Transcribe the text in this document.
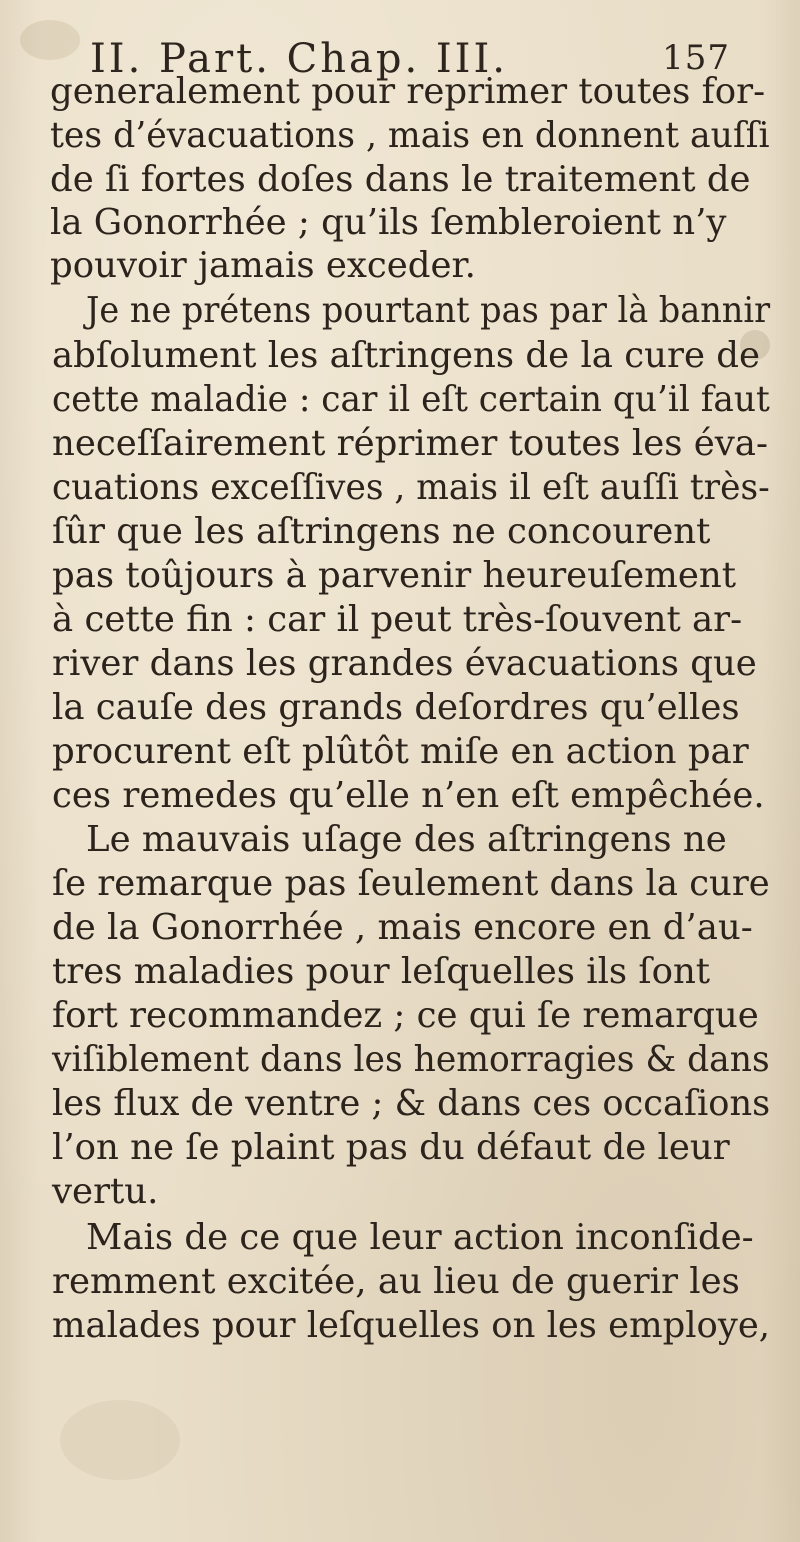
II. Part. Chap. III.	157
generalement pour reprimer toutes for-
tes d’évacuations , mais en donnent auſſi
de ſi fortes doſes dans le traitement de
la Gonorrhée ; qu’ils ſembleroient n’y
pouvoir jamais exceder.
Je ne prétens pourtant pas par là bannir
abſolument les aſtringens de la cure de
cette maladie : car il eſt certain qu’il faut
neceſſairement réprimer toutes les éva-
cuations exceſſives , mais il eſt auſſi très-
ſûr que les aſtringens ne concourent
pas toûjours à parvenir heureuſement
à cette fin : car il peut très-ſouvent ar-
river dans les grandes évacuations que
la cauſe des grands deſordres qu’elles
procurent eſt plûtôt miſe en action par
ces remedes qu’elle n’en eſt empêchée.
Le mauvais uſage des aſtringens ne
ſe remarque pas ſeulement dans la cure
de la Gonorrhée , mais encore en d’au-
tres maladies pour leſquelles ils ſont
fort recommandez ; ce qui ſe remarque
viſiblement dans les hemorragies & dans
les flux de ventre ; & dans ces occaſions
l’on ne ſe plaint pas du défaut de leur
vertu.
Mais de ce que leur action inconſide-
remment excitée, au lieu de guerir les
malades pour leſquelles on les employe,
